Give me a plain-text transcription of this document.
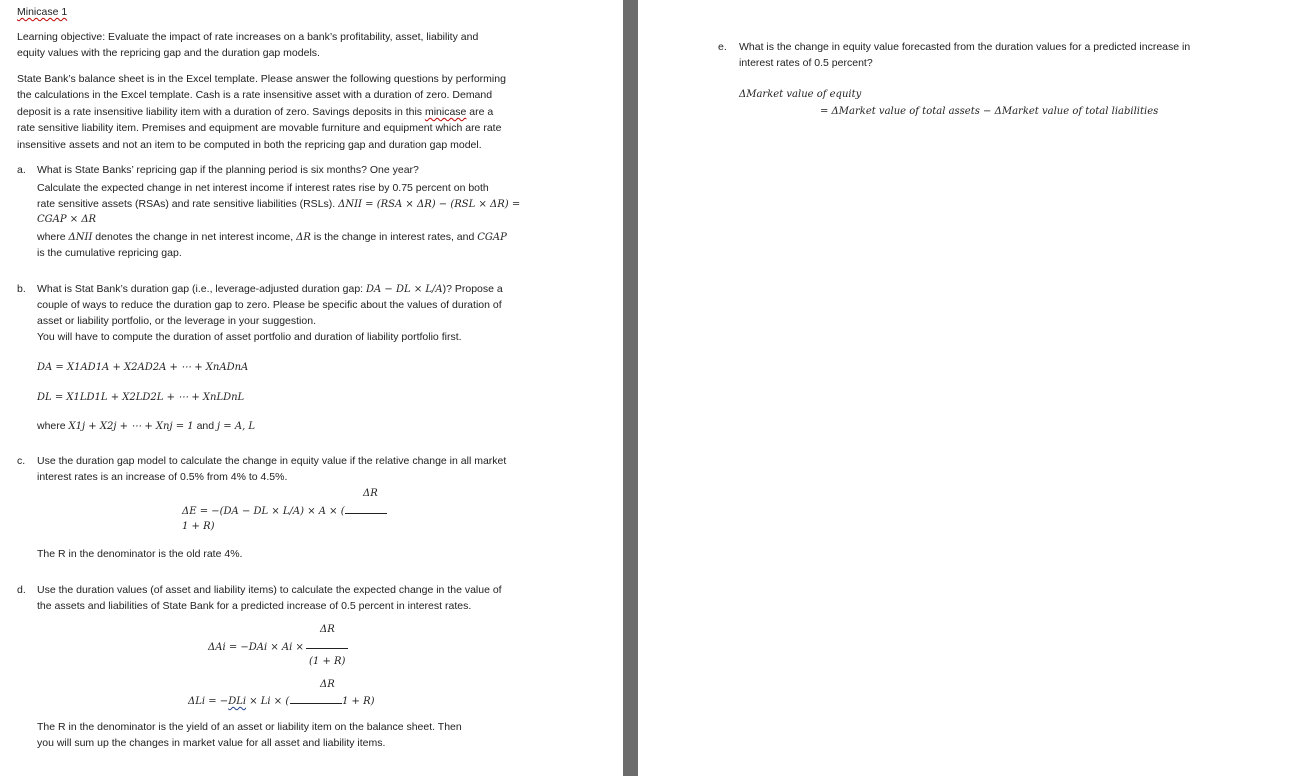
Minicase 1
Learning objective: Evaluate the impact of rate increases on a bank’s profitability, asset, liability and
equity values with the repricing gap and the duration gap models.
State Bank’s balance sheet is in the Excel template. Please answer the following questions by performing
the calculations in the Excel template. Cash is a rate insensitive asset with a duration of zero. Demand
deposit is a rate insensitive liability item with a duration of zero. Savings deposits in this minicase are a
rate sensitive liability item. Premises and equipment are movable furniture and equipment which are rate
insensitive assets and not an item to be computed in both the repricing gap and duration gap model.
a. What is State Banks’ repricing gap if the planning period is six months? One year?
Calculate the expected change in net interest income if interest rates rise by 0.75 percent on both
rate sensitive assets (RSAs) and rate sensitive liabilities (RSLs). ΔNII = (RSA × ΔR) − (RSL × ΔR) =
CGAP × ΔR
where ΔNII denotes the change in net interest income, ΔR is the change in interest rates, and CGAP
is the cumulative repricing gap.
b. What is Stat Bank’s duration gap (i.e., leverage-adjusted duration gap: DA − DL × L/A)? Propose a
couple of ways to reduce the duration gap to zero. Please be specific about the values of duration of
asset or liability portfolio, or the leverage in your suggestion.
You will have to compute the duration of asset portfolio and duration of liability portfolio first.
DA = X1AD1A + X2AD2A + ⋯ + XnADnA
DL = X1LD1L + X2LD2L + ⋯ + XnLDnL
where X1j + X2j + ⋯ + Xnj = 1 and j = A, L
c. Use the duration gap model to calculate the change in equity value if the relative change in all market
interest rates is an increase of 0.5% from 4% to 4.5%.
ΔR
ΔE = −(DA − DL × L/A) × A × (
1 + R)
The R in the denominator is the old rate 4%.
d. Use the duration values (of asset and liability items) to calculate the expected change in the value of
the assets and liabilities of State Bank for a predicted increase of 0.5 percent in interest rates.
ΔR
ΔAi = −DAi × Ai ×
(1 + R)
ΔR
ΔLi = −DLi × Li × (	1 + R)
The R in the denominator is the yield of an asset or liability item on the balance sheet. Then
you will sum up the changes in market value for all asset and liability items.
e. What is the change in equity value forecasted from the duration values for a predicted increase in
interest rates of 0.5 percent?
ΔMarket value of equity
= ΔMarket value of total assets − ΔMarket value of total liabilities
